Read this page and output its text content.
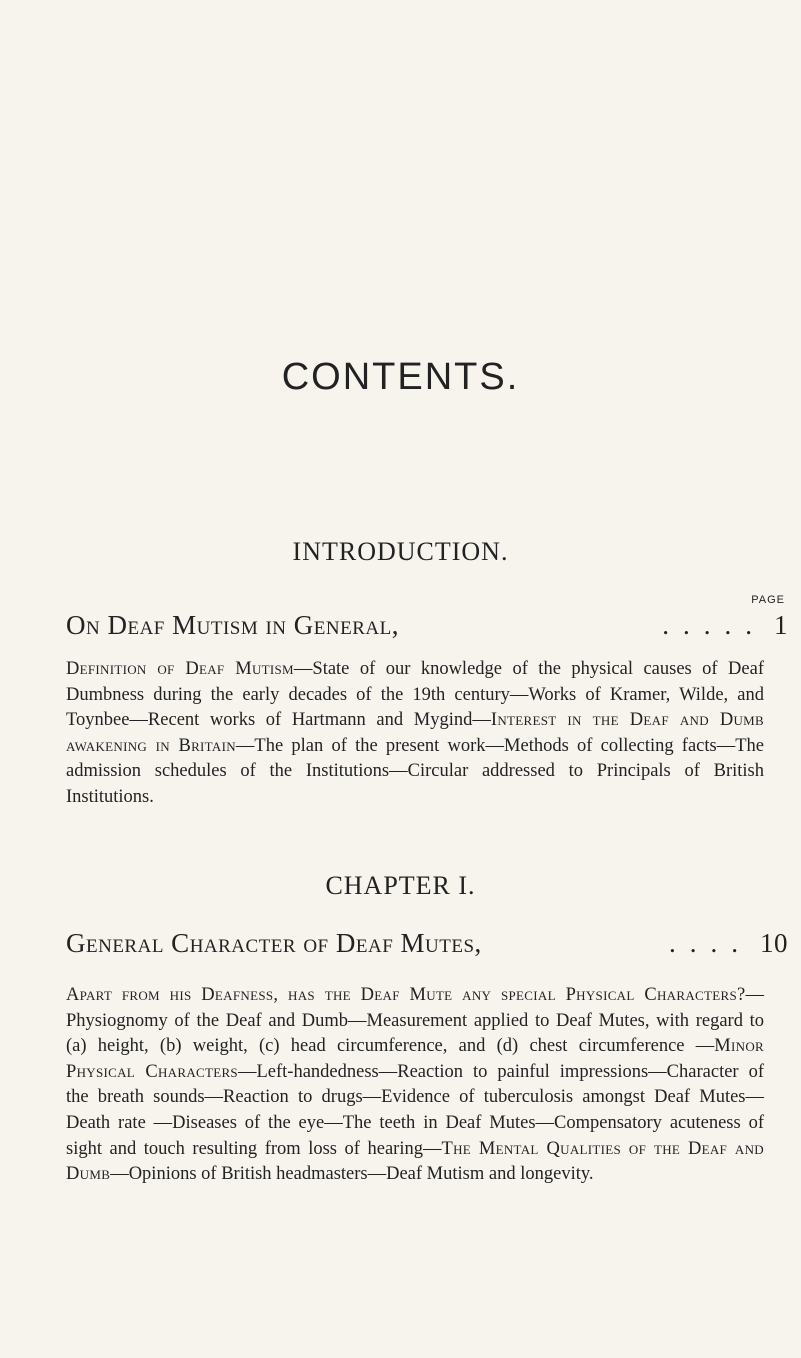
CONTENTS.
INTRODUCTION.
PAGE
On Deaf Mutism in General,	..... 1

Definition of Deaf Mutism—State of our knowledge of the physical causes of Deaf Dumbness during the early decades of the 19th century—Works of Kramer, Wilde, and Toynbee—Recent works of Hartmann and Mygind—Interest in the Deaf and Dumb awakening in Britain—The plan of the present work—Methods of collecting facts—The admission schedules of the Institutions—Circular addressed to Principals of British Institutions.

CHAPTER I.
General Character of Deaf Mutes,	.... 10

Apart from his Deafness, has the Deaf Mute any special Physical Characters?—Physiognomy of the Deaf and Dumb—Measurement applied to Deaf Mutes, with regard to (a) height, (b) weight, (c) head circumference, and (d) chest circumference —Minor Physical Characters—Left-handedness—Reaction to painful impressions—Character of the breath sounds—Reaction to drugs—Evidence of tuberculosis amongst Deaf Mutes—Death rate —Diseases of the eye—The teeth in Deaf Mutes—Compensatory acuteness of sight and touch resulting from loss of hearing—The Mental Qualities of the Deaf and Dumb—Opinions of British headmasters—Deaf Mutism and longevity.
